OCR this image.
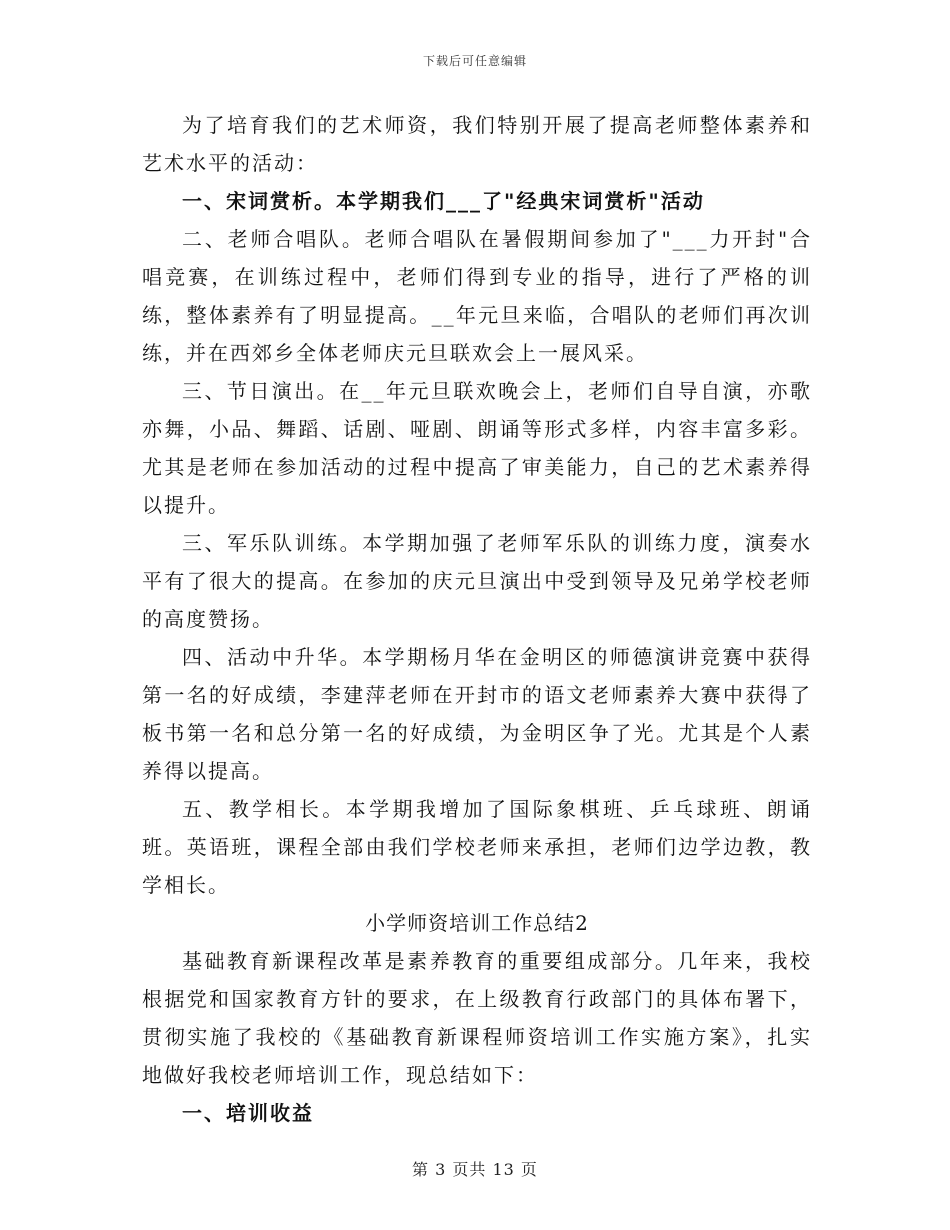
下载后可任意编辑

为了培育我们的艺术师资，我们特别开展了提高老师整体素养和艺术水平的活动：

一、宋词赏析。本学期我们___了"经典宋词赏析"活动

二、老师合唱队。老师合唱队在暑假期间参加了"___力开封"合唱竞赛，在训练过程中，老师们得到专业的指导，进行了严格的训练，整体素养有了明显提高。__年元旦来临，合唱队的老师们再次训练，并在西郊乡全体老师庆元旦联欢会上一展风采。

三、节日演出。在__年元旦联欢晚会上，老师们自导自演，亦歌亦舞，小品、舞蹈、话剧、哑剧、朗诵等形式多样，内容丰富多彩。尤其是老师在参加活动的过程中提高了审美能力，自己的艺术素养得以提升。

三、军乐队训练。本学期加强了老师军乐队的训练力度，演奏水平有了很大的提高。在参加的庆元旦演出中受到领导及兄弟学校老师的高度赞扬。

四、活动中升华。本学期杨月华在金明区的师德演讲竞赛中获得第一名的好成绩，李建萍老师在开封市的语文老师素养大赛中获得了板书第一名和总分第一名的好成绩，为金明区争了光。尤其是个人素养得以提高。

五、教学相长。本学期我增加了国际象棋班、乒乓球班、朗诵班。英语班，课程全部由我们学校老师来承担，老师们边学边教，教学相长。

小学师资培训工作总结2

基础教育新课程改革是素养教育的重要组成部分。几年来，我校根据党和国家教育方针的要求，在上级教育行政部门的具体布署下，贯彻实施了我校的《基础教育新课程师资培训工作实施方案》，扎实地做好我校老师培训工作，现总结如下：

一、培训收益

第 3 页共 13 页
